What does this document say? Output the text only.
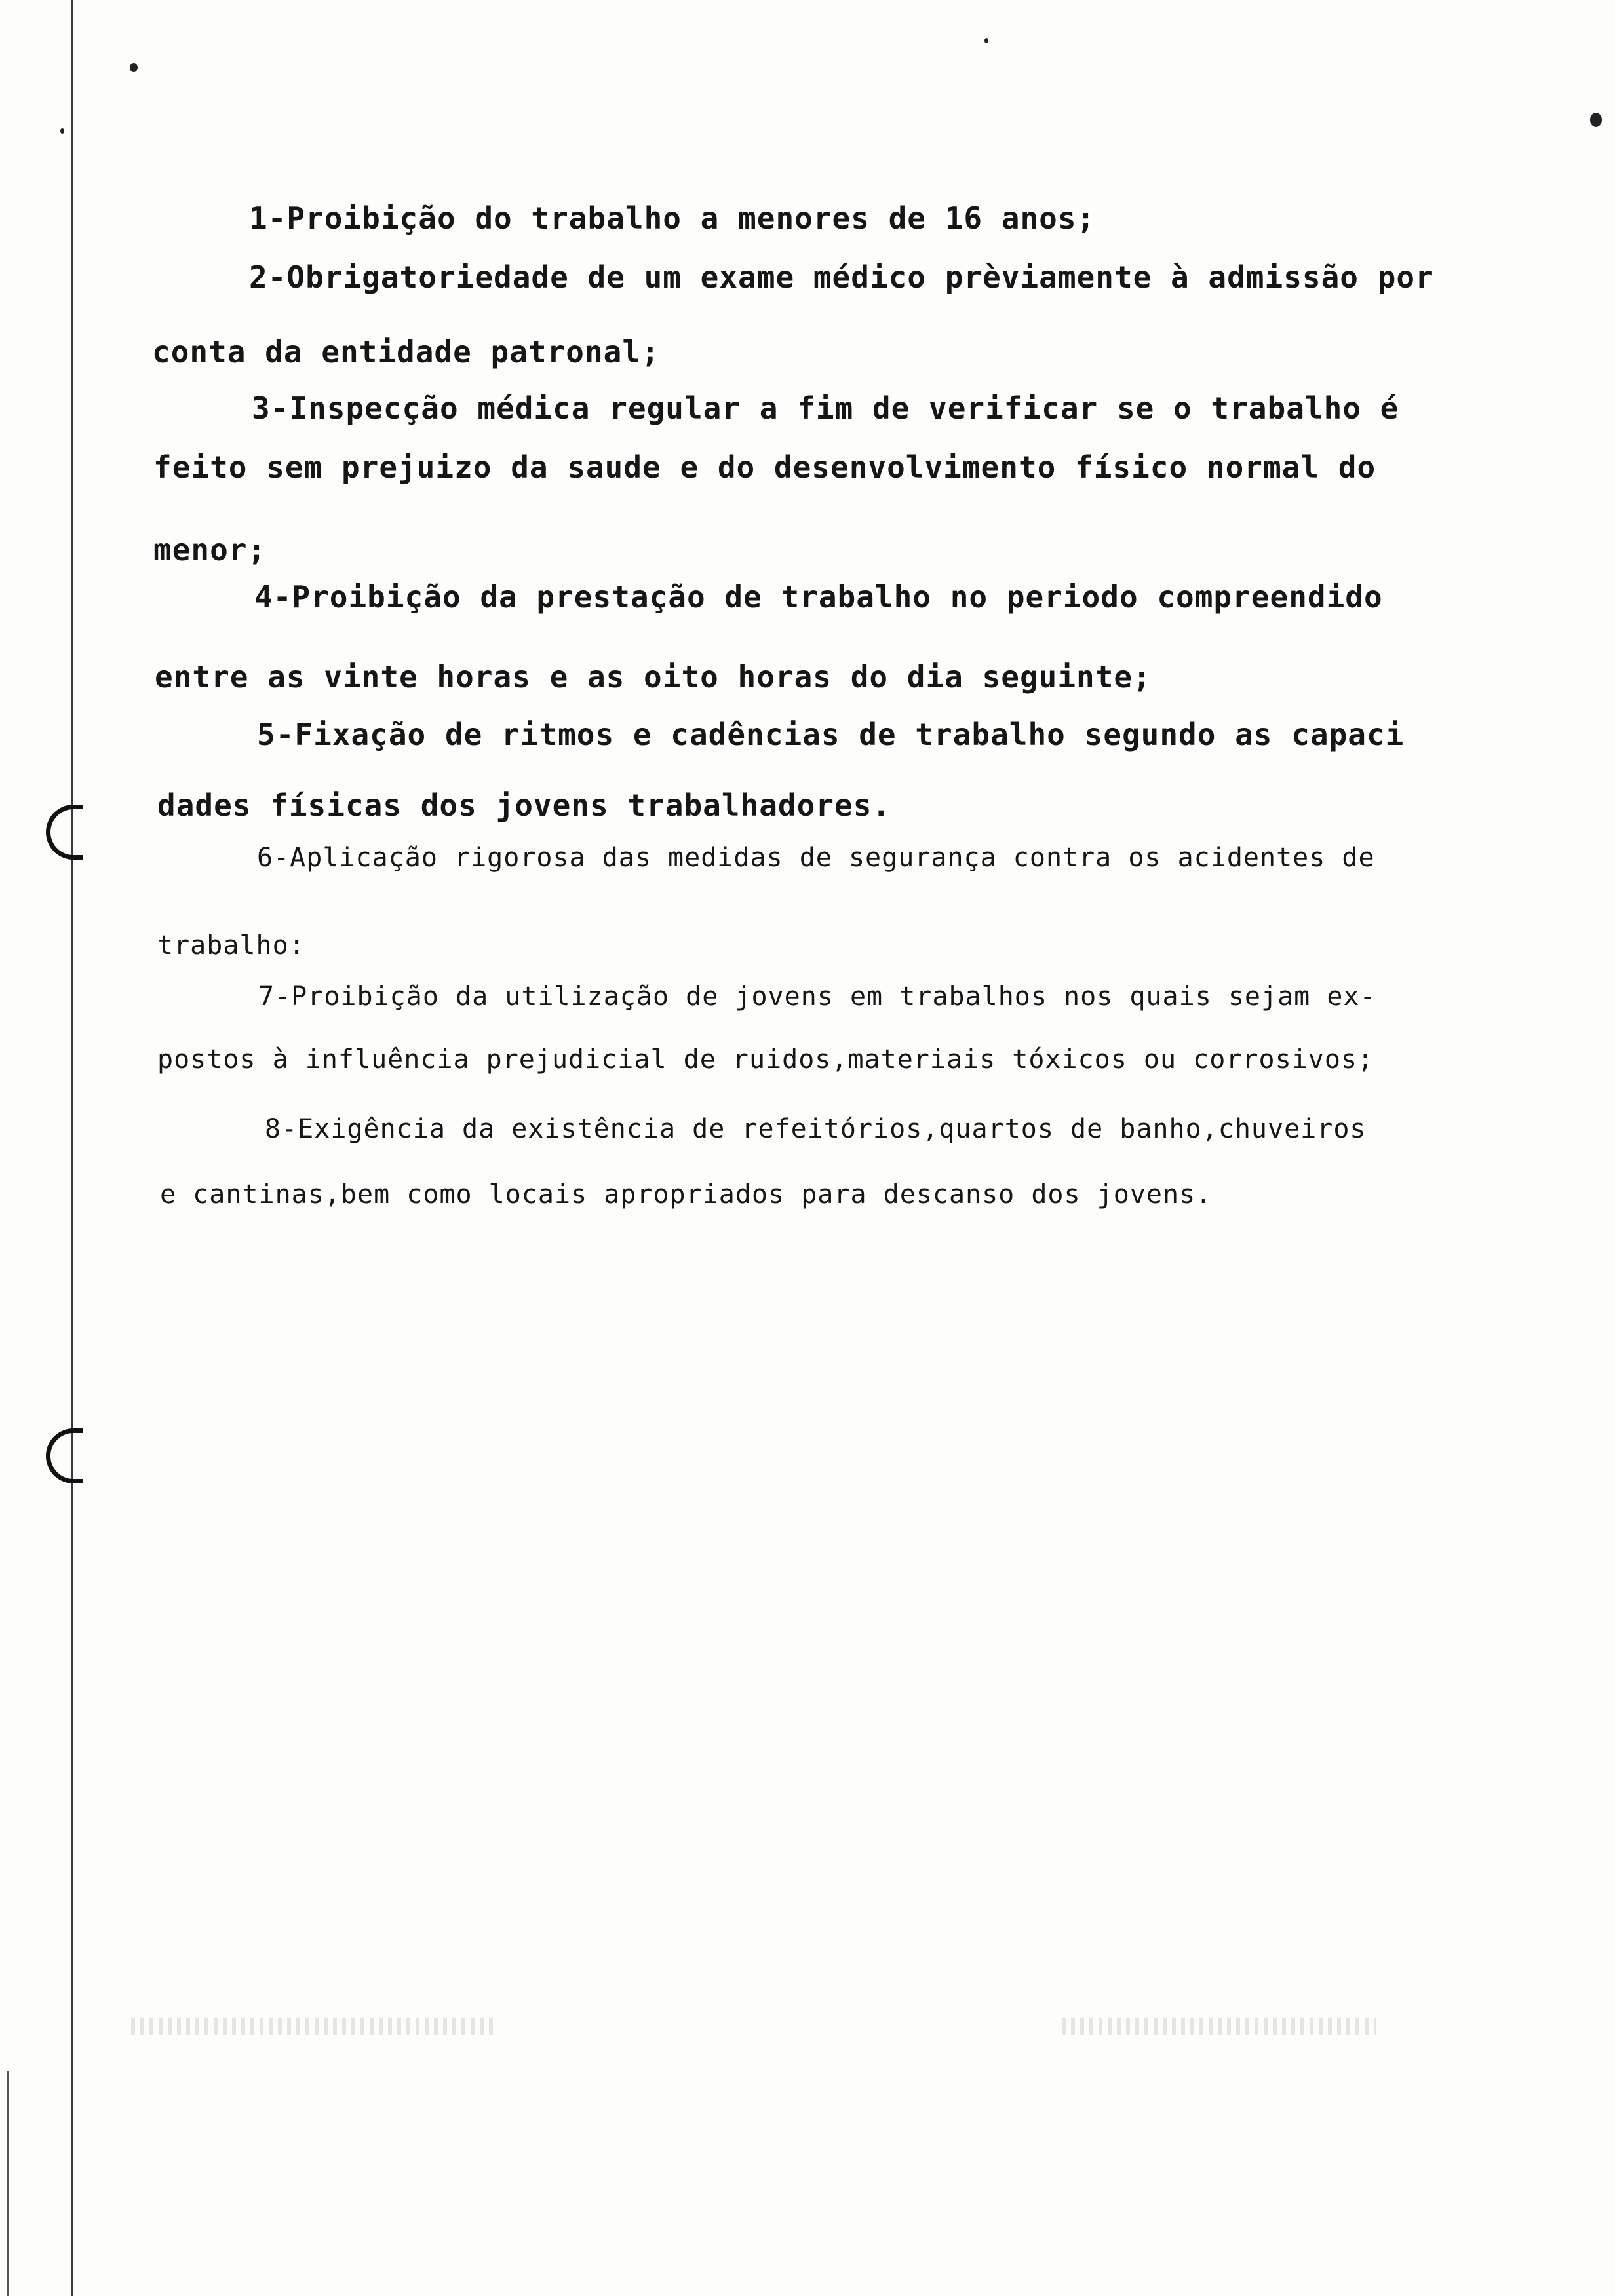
1-Proibição do trabalho a menores de 16 anos;
2-Obrigatoriedade de um exame médico prèviamente à admissão por
conta da entidade patronal;
3-Inspecção médica regular a fim de verificar se o trabalho é
feito sem prejuizo da saude e do desenvolvimento físico normal do
menor;
4-Proibição da prestação de trabalho no periodo compreendido
entre as vinte horas e as oito horas do dia seguinte;
5-Fixação de ritmos e cadências de trabalho segundo as capaci
dades físicas dos jovens trabalhadores.
6-Aplicação rigorosa das medidas de segurança contra os acidentes de
trabalho:
7-Proibição da utilização de jovens em trabalhos nos quais sejam ex-
postos à influência prejudicial de ruidos,materiais tóxicos ou corrosivos;
8-Exigência da existência de refeitórios,quartos de banho,chuveiros
e cantinas,bem como locais apropriados para descanso dos jovens.
